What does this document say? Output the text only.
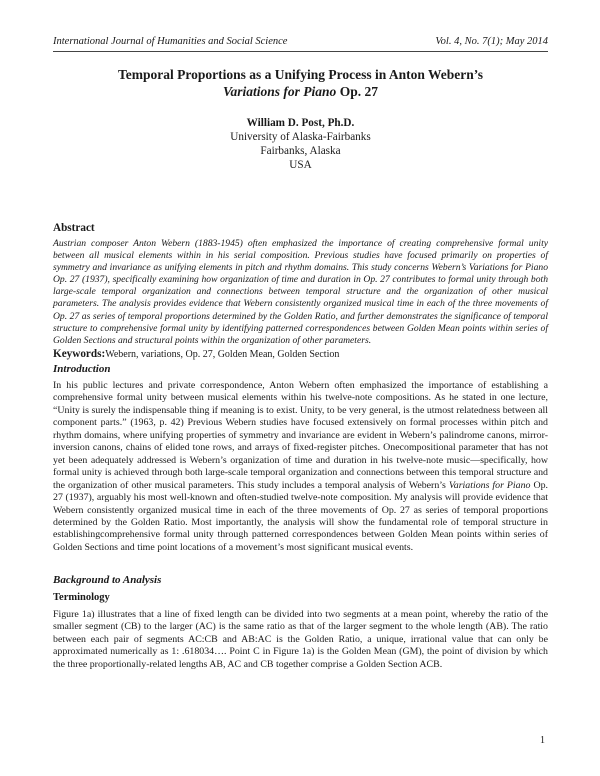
International Journal of Humanities and Social Science	Vol. 4, No. 7(1); May 2014
Temporal Proportions as a Unifying Process in Anton Webern’s
Variations for Piano Op. 27
William D. Post, Ph.D.
University of Alaska-Fairbanks
Fairbanks, Alaska
USA
Abstract
Austrian composer Anton Webern (1883-1945) often emphasized the importance of creating comprehensive formal unity between all musical elements within in his serial composition. Previous studies have focused primarily on properties of symmetry and invariance as unifying elements in pitch and rhythm domains. This study concerns Webern’s Variations for Piano Op. 27 (1937), specifically examining how organization of time and duration in Op. 27 contributes to formal unity through both large-scale temporal organization and connections between temporal structure and the organization of other musical parameters. The analysis provides evidence that Webern consistently organized musical time in each of the three movements of Op. 27 as series of temporal proportions determined by the Golden Ratio, and further demonstrates the significance of temporal structure to comprehensive formal unity by identifying patterned correspondences between Golden Mean points within series of Golden Sections and structural points within the organization of other parameters.
Keywords:Webern, variations, Op. 27, Golden Mean, Golden Section
Introduction
In his public lectures and private correspondence, Anton Webern often emphasized the importance of establishing a comprehensive formal unity between musical elements within his twelve-note compositions. As he stated in one lecture, “Unity is surely the indispensable thing if meaning is to exist. Unity, to be very general, is the utmost relatedness between all component parts.” (1963, p. 42) Previous Webern studies have focused extensively on formal processes within pitch and rhythm domains, where unifying properties of symmetry and invariance are evident in Webern’s palindrome canons, mirror-inversion canons, chains of elided tone rows, and arrays of fixed-register pitches. Onecompositional parameter that has not yet been adequately addressed is Webern’s organization of time and duration in his twelve-note music—specifically, how formal unity is achieved through both large-scale temporal organization and connections between this temporal structure and the organization of other musical parameters. This study includes a temporal analysis of Webern’s Variations for Piano Op. 27 (1937), arguably his most well-known and often-studied twelve-note composition. My analysis will provide evidence that Webern consistently organized musical time in each of the three movements of Op. 27 as series of temporal proportions determined by the Golden Ratio. Most importantly, the analysis will show the fundamental role of temporal structure in establishingcomprehensive formal unity through patterned correspondences between Golden Mean points within series of Golden Sections and time point locations of a movement’s most significant musical events.
Background to Analysis
Terminology
Figure 1a) illustrates that a line of fixed length can be divided into two segments at a mean point, whereby the ratio of the smaller segment (CB) to the larger (AC) is the same ratio as that of the larger segment to the whole length (AB). The ratio between each pair of segments AC:CB and AB:AC is the Golden Ratio, a unique, irrational value that can only be approximated numerically as 1: .618034…. Point C in Figure 1a) is the Golden Mean (GM), the point of division by which the three proportionally-related lengths AB, AC and CB together comprise a Golden Section ACB.
1
